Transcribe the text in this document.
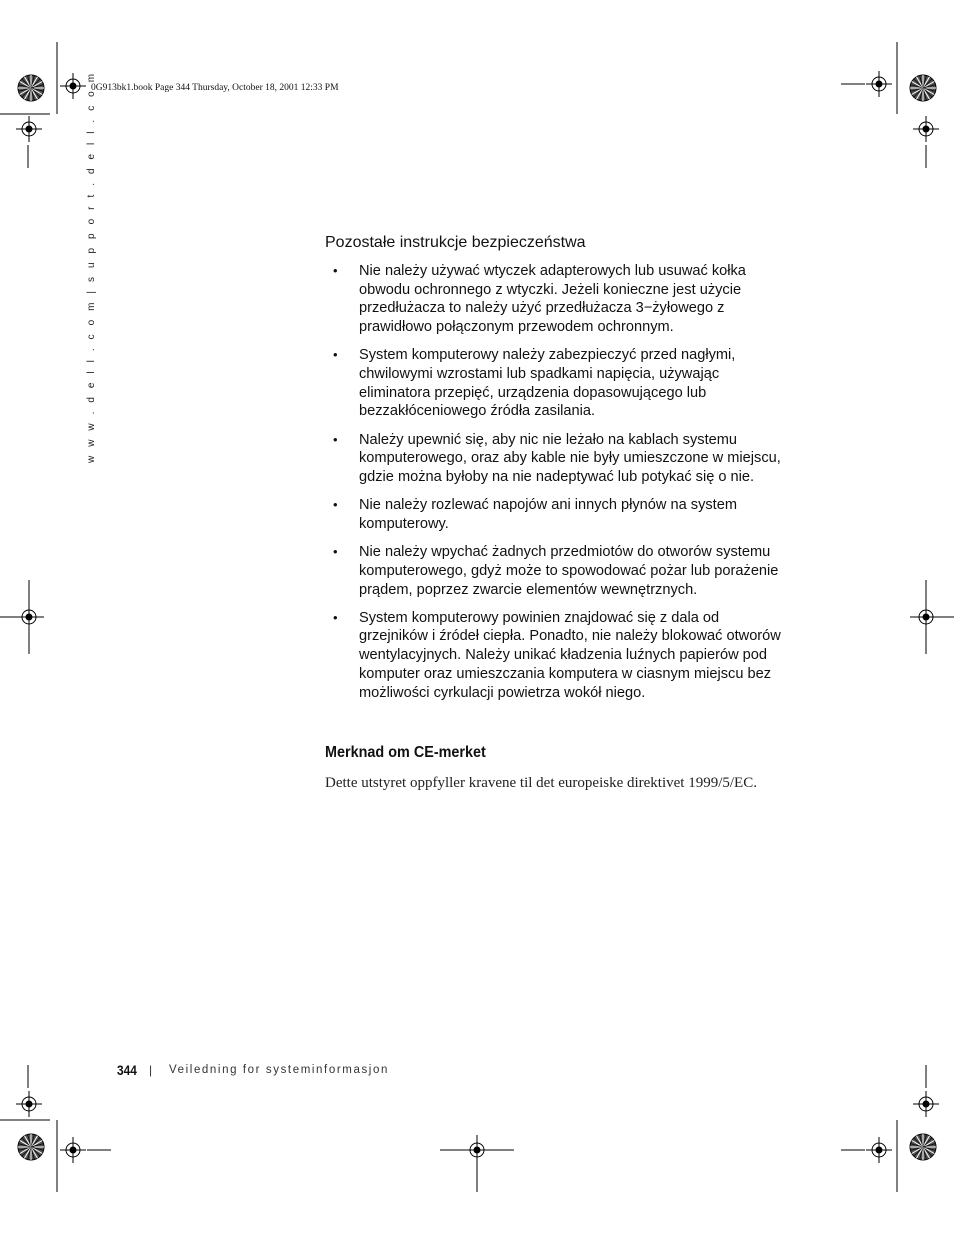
0G913bk1.book Page 344 Thursday, October 18, 2001 12:33 PM
w w w . d e l l . c o m | s u p p o r t . d e l l . c o m	Pozostałe instrukcje bezpieczeństwa
• Nie należy używać wtyczek adapterowych lub usuwać kołka
obwodu ochronnego z wtyczki. Jeżeli konieczne jest użycie
przedłużacza to należy użyć przedłużacza 3−żyłowego z
prawidłowo połączonym przewodem ochronnym.
• System komputerowy należy zabezpieczyć przed nagłymi,
chwilowymi wzrostami lub spadkami napięcia, używając
eliminatora przepięć, urządzenia dopasowującego lub
bezzakłóceniowego źródła zasilania.
• Należy upewnić się, aby nic nie leżało na kablach systemu
komputerowego, oraz aby kable nie były umieszczone w miejscu,
gdzie można byłoby na nie nadeptywać lub potykać się o nie.
• Nie należy rozlewać napojów ani innych płynów na system
komputerowy.
• Nie należy wpychać żadnych przedmiotów do otworów systemu
komputerowego, gdyż może to spowodować pożar lub porażenie
prądem, poprzez zwarcie elementów wewnętrznych.
• System komputerowy powinien znajdować się z dala od
grzejników i źródeł ciepła. Ponadto, nie należy blokować otworów
wentylacyjnych. Należy unikać kładzenia luźnych papierów pod
komputer oraz umieszczania komputera w ciasnym miejscu bez
możliwości cyrkulacji powietrza wokół niego.
Merknad om CE-merket
Dette utstyret oppfyller kravene til det europeiske direktivet 1999/5/EC.
344 | Veiledning for systeminformasjon
